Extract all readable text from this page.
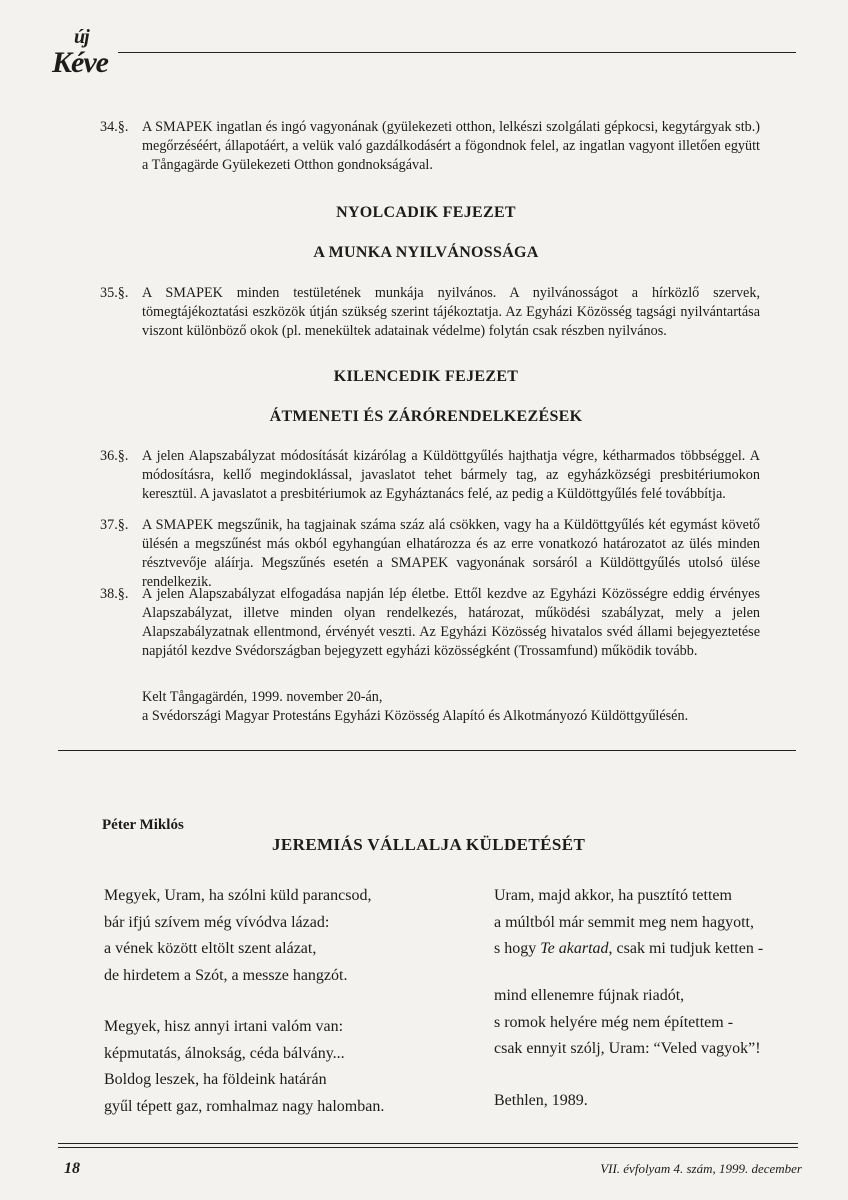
új
Kéve
34.§. A SMAPEK ingatlan és ingó vagyonának (gyülekezeti otthon, lelkészi szolgálati gépkocsi, kegytárgyak stb.) megőrzéséért, állapotáért, a velük való gazdálkodásért a fögondnok felel, az ingatlan vagyont illetően együtt a Tångagärde Gyülekezeti Otthon gondnokságával.
NYOLCADIK FEJEZET
A MUNKA NYILVÁNOSSÁGA
35.§. A SMAPEK minden testületének munkája nyilvános. A nyilvánosságot a hírközlő szervek, tömegtájékoztatási eszközök útján szükség szerint tájékoztatja. Az Egyházi Közösség tagsági nyilvántartása viszont különböző okok (pl. menekültek adatainak védelme) folytán csak részben nyilvános.
KILENCEDIK FEJEZET
ÁTMENETI ÉS ZÁRÓRENDELKEZÉSEK
36.§. A jelen Alapszabályzat módosítását kizárólag a Küldöttgyűlés hajthatja végre, kétharmados többséggel. A módosításra, kellő megindoklással, javaslatot tehet bármely tag, az egyházközségi presbitériumokon keresztül. A javaslatot a presbitériumok az Egyháztanács felé, az pedig a Küldöttgyűlés felé továbbítja.
37.§. A SMAPEK megszűnik, ha tagjainak száma száz alá csökken, vagy ha a Küldöttgyűlés két egymást követő ülésén a megszűnést más okból egyhangúan elhatározza és az erre vonatkozó határozatot az ülés minden résztvevője aláírja. Megszűnés esetén a SMAPEK vagyonának sorsáról a Küldöttgyűlés utolsó ülése rendelkezik.
38.§. A jelen Alapszabályzat elfogadása napján lép életbe. Ettől kezdve az Egyházi Közösségre eddig érvényes Alapszabályzat, illetve minden olyan rendelkezés, határozat, működési szabályzat, mely a jelen Alapszabályzatnak ellentmond, érvényét veszti. Az Egyházi Közösség hivatalos svéd állami bejegyeztetése napjától kezdve Svédországban bejegyzett egyházi közösségként (Trossamfund) működik tovább.
Kelt Tångagärdén, 1999. november 20-án,
a Svédországi Magyar Protestáns Egyházi Közösség Alapító és Alkotmányozó Küldöttgyűlésén.
Péter Miklós
JEREMIÁS VÁLLALJA KÜLDETÉSÉT
Megyek, Uram, ha szólni küld parancsod,
bár ifjú szívem még vívódva lázad:
a vének között eltölt szent alázat,
de hirdetem a Szót, a messze hangzót.
Megyek, hisz annyi irtani valóm van:
képmutatás, álnokság, céda bálvány...
Boldog leszek, ha földeink határán
gyűl tépett gaz, romhalmaz nagy halomban.
Uram, majd akkor, ha pusztító tettem
a múltból már semmit meg nem hagyott,
s hogy Te akartad, csak mi tudjuk ketten -
mind ellenemre fújnak riadót,
s romok helyére még nem építettem -
csak ennyit szólj, Uram: “Veled vagyok”!
Bethlen, 1989.
18	VII. évfolyam 4. szám, 1999. december
